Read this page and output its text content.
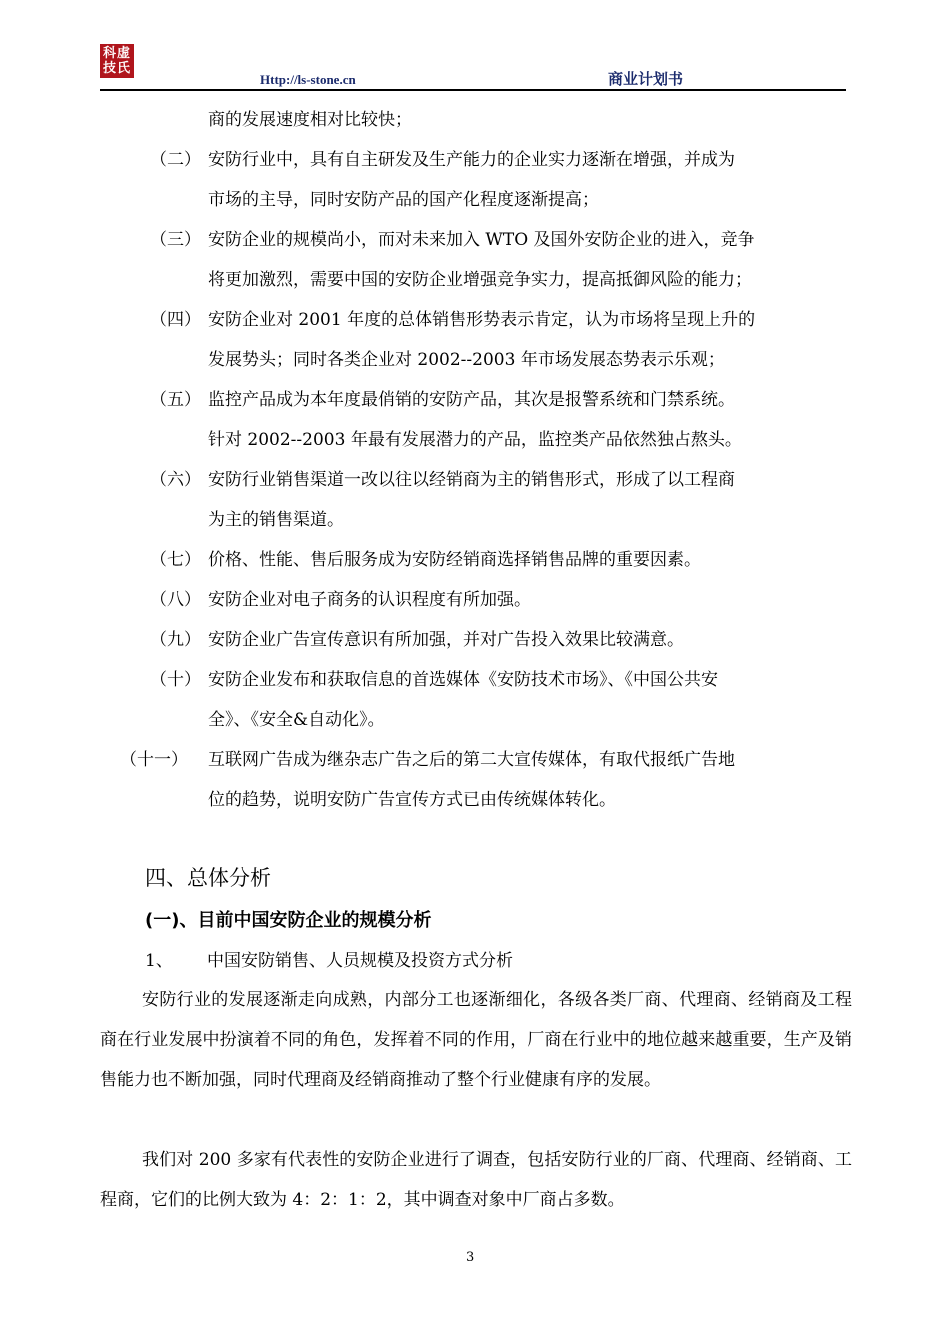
科虚
技氏
Http://ls-stone.cn	商业计划书
商的发展速度相对比较快；
（二） 安防行业中，具有自主研发及生产能力的企业实力逐渐在增强，并成为
市场的主导，同时安防产品的国产化程度逐渐提高；
（三） 安防企业的规模尚小，而对未来加入 WTO 及国外安防企业的进入，竞争
将更加激烈，需要中国的安防企业增强竞争实力，提高抵御风险的能力；
（四） 安防企业对 2001 年度的总体销售形势表示肯定，认为市场将呈现上升的
发展势头；同时各类企业对 2002--2003 年市场发展态势表示乐观；
（五） 监控产品成为本年度最俏销的安防产品，其次是报警系统和门禁系统。
针对 2002--2003 年最有发展潜力的产品，监控类产品依然独占熬头。
（六） 安防行业销售渠道一改以往以经销商为主的销售形式，形成了以工程商
为主的销售渠道。
（七） 价格、性能、售后服务成为安防经销商选择销售品牌的重要因素。
（八） 安防企业对电子商务的认识程度有所加强。
（九） 安防企业广告宣传意识有所加强，并对广告投入效果比较满意。
（十） 安防企业发布和获取信息的首选媒体《安防技术市场》、《中国公共安
全》、《安全&自动化》。
（十一） 互联网广告成为继杂志广告之后的第二大宣传媒体，有取代报纸广告地
位的趋势，说明安防广告宣传方式已由传统媒体转化。
四、总体分析
(一)、目前中国安防企业的规模分析
1、 中国安防销售、人员规模及投资方式分析
安防行业的发展逐渐走向成熟，内部分工也逐渐细化，各级各类厂商、代理商、经销商及工程商在行业发展中扮演着不同的角色，发挥着不同的作用，厂商在行业中的地位越来越重要，生产及销售能力也不断加强，同时代理商及经销商推动了整个行业健康有序的发展。
我们对 200 多家有代表性的安防企业进行了调查，包括安防行业的厂商、代理商、经销商、工程商，它们的比例大致为 4：2：1：2，其中调查对象中厂商占多数。
3
